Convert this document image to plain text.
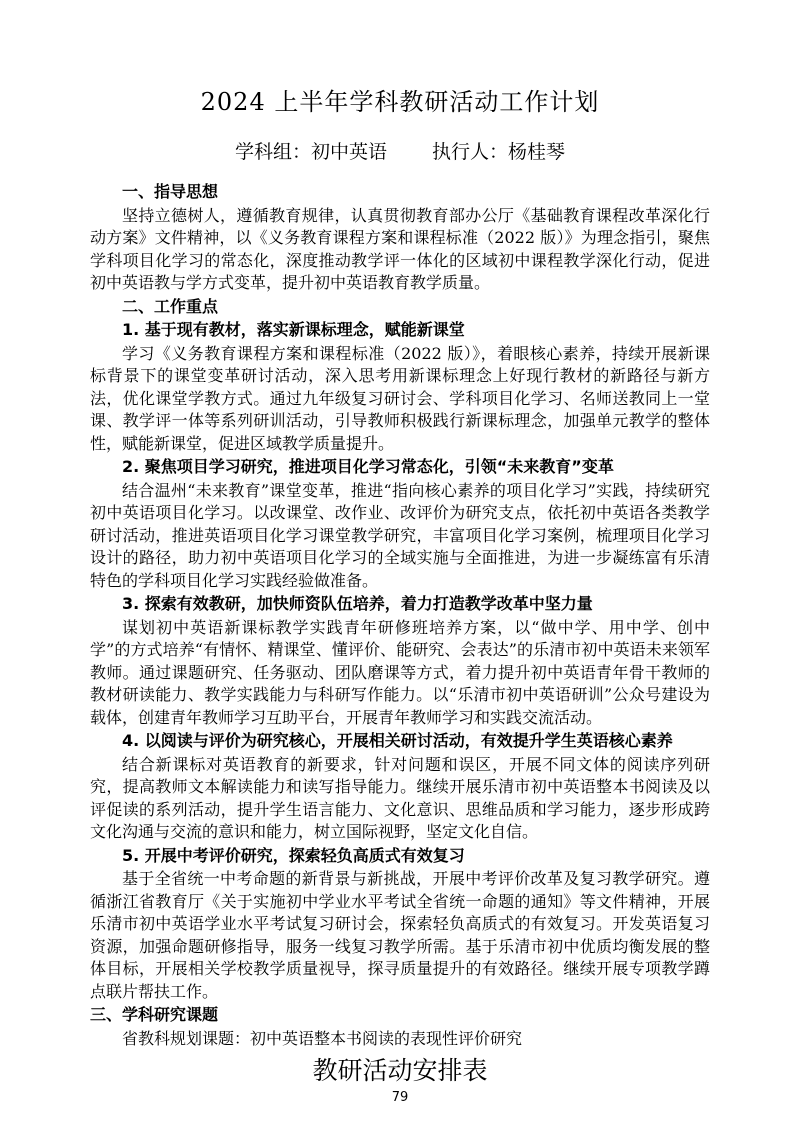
2024 上半年学科教研活动工作计划
学科组：初中英语 执行人：杨桂琴
一、指导思想

坚持立德树人，遵循教育规律，认真贯彻教育部办公厅《基础教育课程改革深化行动方案》文件精神，以《义务教育课程方案和课程标准（2022 版）》为理念指引，聚焦学科项目化学习的常态化，深度推动教学评一体化的区域初中课程教学深化行动，促进初中英语教与学方式变革，提升初中英语教育教学质量。

二、工作重点
1. 基于现有教材，落实新课标理念，赋能新课堂

学习《义务教育课程方案和课程标准（2022 版）》，着眼核心素养，持续开展新课标背景下的课堂变革研讨活动，深入思考用新课标理念上好现行教材的新路径与新方法，优化课堂学教方式。通过九年级复习研讨会、学科项目化学习、名师送教同上一堂课、教学评一体等系列研训活动，引导教师积极践行新课标理念，加强单元教学的整体性，赋能新课堂，促进区域教学质量提升。

2. 聚焦项目学习研究，推进项目化学习常态化，引领“未来教育”变革

结合温州“未来教育”课堂变革，推进“指向核心素养的项目化学习”实践，持续研究初中英语项目化学习。以改课堂、改作业、改评价为研究支点，依托初中英语各类教学研讨活动，推进英语项目化学习课堂教学研究，丰富项目化学习案例，梳理项目化学习设计的路径，助力初中英语项目化学习的全域实施与全面推进，为进一步凝练富有乐清特色的学科项目化学习实践经验做准备。

3. 探索有效教研，加快师资队伍培养，着力打造教学改革中坚力量

谋划初中英语新课标教学实践青年研修班培养方案，以“做中学、用中学、创中学”的方式培养“有情怀、精课堂、懂评价、能研究、会表达”的乐清市初中英语未来领军教师。通过课题研究、任务驱动、团队磨课等方式，着力提升初中英语青年骨干教师的教材研读能力、教学实践能力与科研写作能力。以“乐清市初中英语研训”公众号建设为载体，创建青年教师学习互助平台，开展青年教师学习和实践交流活动。

4. 以阅读与评价为研究核心，开展相关研讨活动，有效提升学生英语核心素养

结合新课标对英语教育的新要求，针对问题和误区，开展不同文体的阅读序列研究，提高教师文本解读能力和读写指导能力。继续开展乐清市初中英语整本书阅读及以评促读的系列活动，提升学生语言能力、文化意识、思维品质和学习能力，逐步形成跨文化沟通与交流的意识和能力，树立国际视野，坚定文化自信。

5. 开展中考评价研究，探索轻负高质式有效复习

基于全省统一中考命题的新背景与新挑战，开展中考评价改革及复习教学研究。遵循浙江省教育厅《关于实施初中学业水平考试全省统一命题的通知》等文件精神，开展乐清市初中英语学业水平考试复习研讨会，探索轻负高质式的有效复习。开发英语复习资源，加强命题研修指导，服务一线复习教学所需。基于乐清市初中优质均衡发展的整体目标，开展相关学校教学质量视导，探寻质量提升的有效路径。继续开展专项教学蹲点联片帮扶工作。

三、学科研究课题

省教科规划课题：初中英语整本书阅读的表现性评价研究

教研活动安排表
79
